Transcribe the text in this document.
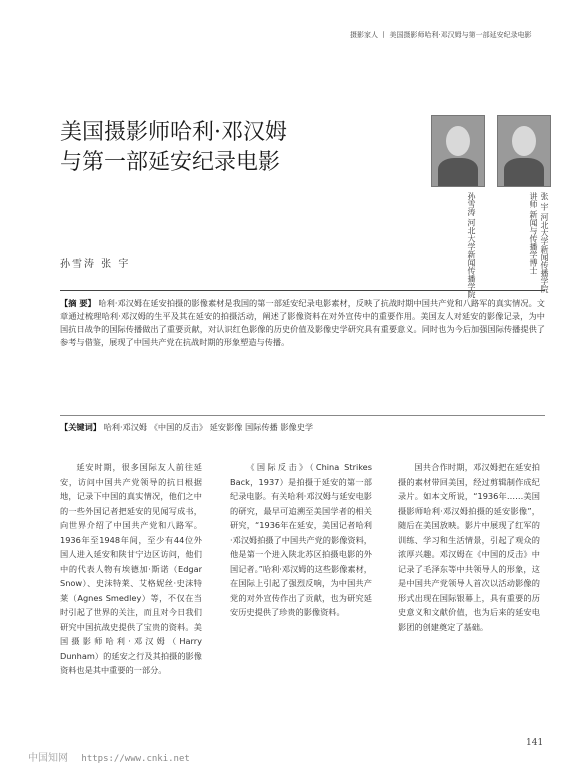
摄影家人 丨 美国摄影师哈利·邓汉姆与第一部延安纪录电影
美国摄影师哈利·邓汉姆
与第一部延安纪录电影
孙雪涛 河北大学新闻传播学院	张 宇 河北大学新闻传播学院
讲师 新闻与传播学博士
孙雪涛 张 宇
【摘 要】 哈利·邓汉姆在延安拍摄的影像素材是我国的第一部延安纪录电影素材，反映了抗战时期中国共产党和八路军的真实情况。文章通过梳理哈利·邓汉姆的生平及其在延安的拍摄活动，阐述了影像资料在对外宣传中的重要作用。美国友人对延安的影像记录，为中国抗日战争的国际传播做出了重要贡献，对认识红色影像的历史价值及影像史学研究具有重要意义。同时也为今后加强国际传播提供了参考与借鉴，展现了中国共产党在抗战时期的形象塑造与传播。
【关键词】 哈利·邓汉姆 《中国的反击》 延安影像 国际传播 影像史学
延安时期，很多国际友人前往延安，访问中国共产党领导的抗日根据地，记录下中国的真实情况，他们之中的一些外国记者把延安的见闻写成书，向世界介绍了中国共产党和八路军。1936年至1948年间，至少有44位外国人进入延安和陕甘宁边区访问，他们中的代表人物有埃德加·斯诺（Edgar Snow）、史沫特莱、艾格妮丝·史沫特莱（Agnes Smedley）等，不仅在当时引起了世界的关注，而且对今日我们研究中国抗战史提供了宝贵的资料。美国摄影师哈利·邓汉姆（Harry Dunham）的延安之行及其拍摄的影像资料也是其中重要的一部分。
《国际反击》（China Strikes Back，1937）是拍摄于延安的第一部纪录电影。有关哈利·邓汉姆与延安电影的研究，最早可追溯至美国学者的相关研究，“1936年在延安，美国记者哈利·邓汉姆拍摄了中国共产党的影像资料，他是第一个进入陕北苏区拍摄电影的外国记者。”哈利·邓汉姆的这些影像素材，在国际上引起了强烈反响，为中国共产党的对外宣传作出了贡献，也为研究延安历史提供了珍贵的影像资料。
国共合作时期，邓汉姆把在延安拍摄的素材带回美国，经过剪辑制作成纪录片。如本文所说，“1936年……美国摄影师哈利·邓汉姆拍摄的延安影像”，随后在美国放映。影片中展现了红军的训练、学习和生活情景，引起了观众的浓厚兴趣。邓汉姆在《中国的反击》中记录了毛泽东等中共领导人的形象，这是中国共产党领导人首次以活动影像的形式出现在国际银幕上，具有重要的历史意义和文献价值，也为后来的延安电影团的创建奠定了基础。
中国知网 https://www.cnki.net
141
